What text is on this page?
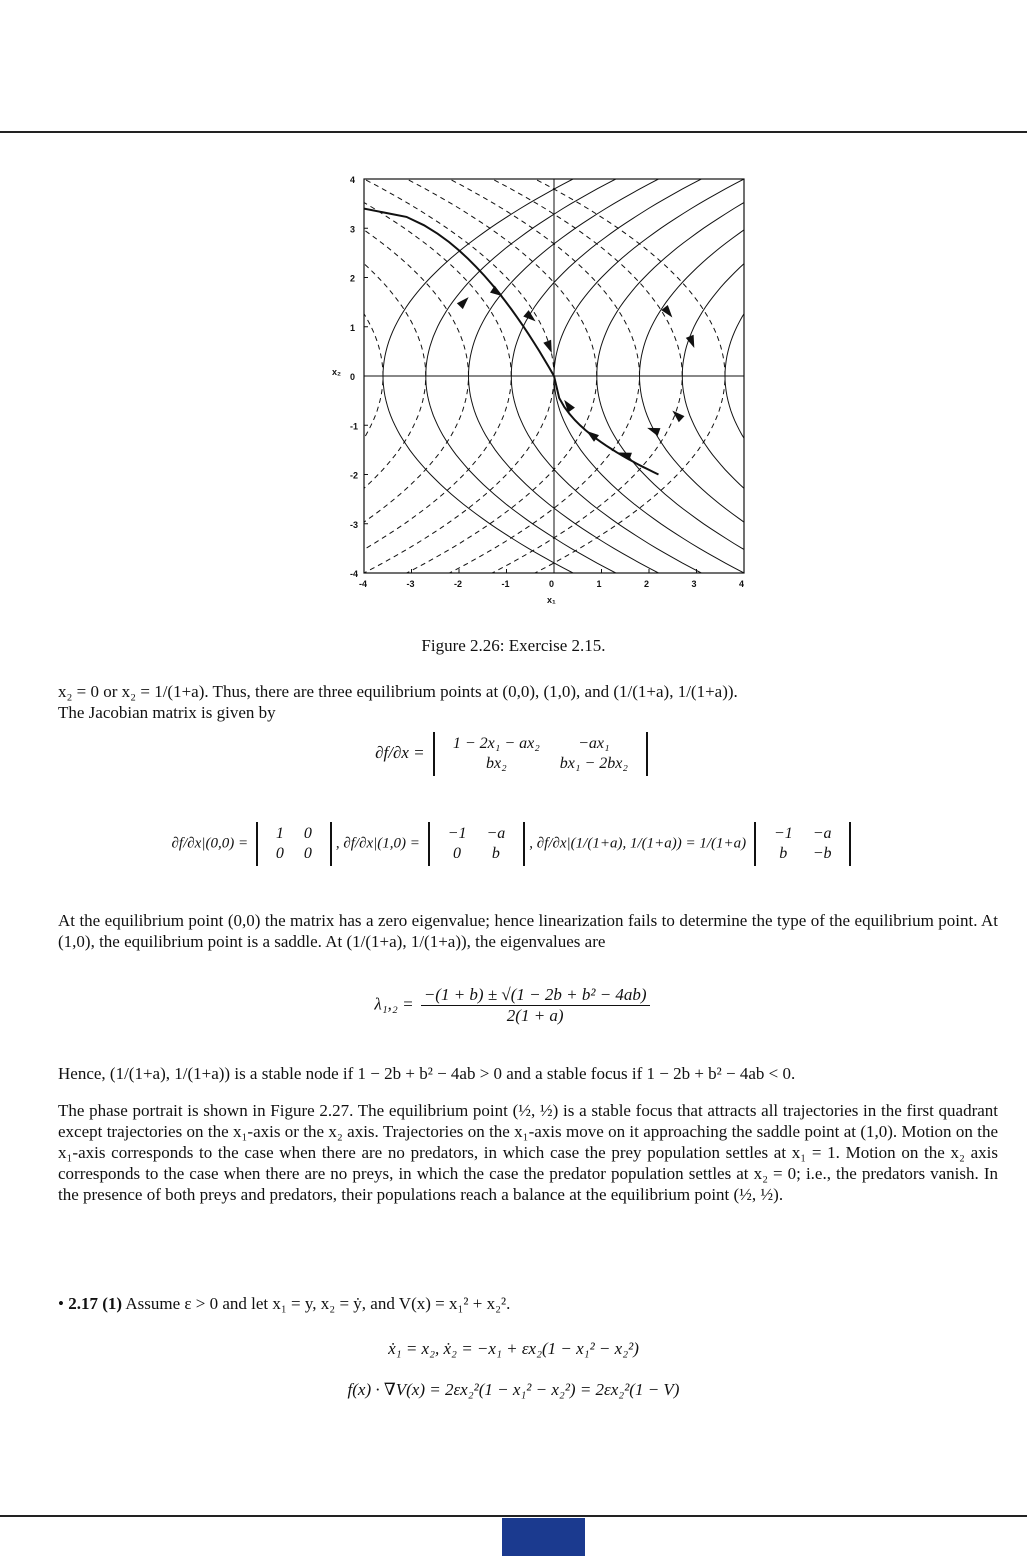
-4	-3	-2	-1	0	1	2	3	4
4
3
2
1
0
-1
-2
-3
-4
x₁
x₂
Figure 2.26: Exercise 2.15.
x₂ = 0 or x₂ = 1/(1+a). Thus, there are three equilibrium points at (0,0), (1,0), and (1/(1+a), 1/(1+a)).
The Jacobian matrix is given by
∂f/∂x = 1 − 2x₁ − ax₂	−ax₁
bx₂	bx₁ − 2bx₂
∂f/∂x|(0,0) =
1	0
0	0
, ∂f/∂x|(1,0) =
−1	−a
0	b
, ∂f/∂x|(1/(1+a), 1/(1+a)) = 1/(1+a)
−1	−a
b	−b
At the equilibrium point (0,0) the matrix has a zero eigenvalue; hence linearization fails to determine the type of the equilibrium point. At (1,0), the equilibrium point is a saddle. At (1/(1+a), 1/(1+a)), the eigenvalues are
$\lambda_1,_2 = \frac{\text{−(1 + b) ± √(1 − 2b + b² − 4ab)}}{2(1 + a)}$
Hence, (1/(1+a), 1/(1+a)) is a stable node if 1 − 2b + b² − 4ab > 0 and a stable focus if 1 − 2b + b² − 4ab < 0.
The phase portrait is shown in Figure 2.27. The equilibrium point (½, ½) is a stable focus that attracts all trajectories in the first quadrant except trajectories on the x₁-axis or the x₂ axis. Trajectories on the x₁-axis move on it approaching the saddle point at (1,0). Motion on the x₁-axis corresponds to the case when there are no predators, in which case the prey population settles at x₁ = 1. Motion on the x₂ axis corresponds to the case when there are no preys, in which the case the predator population settles at x₂ = 0; i.e., the predators vanish. In the presence of both preys and predators, their populations reach a balance at the equilibrium point (½, ½).
• 2.17 (1) Assume ε > 0 and let x₁ = y, x₂ = ẏ, and V(x) = x₁² + x₂².
ẋ₁ = x₂, ẋ₂ = −x₁ + εx₂(1 − x₁² − x₂²)
f(x) · ∇V(x) = 2εx₂²(1 − x₁² − x₂²) = 2εx₂²(1 − V)
